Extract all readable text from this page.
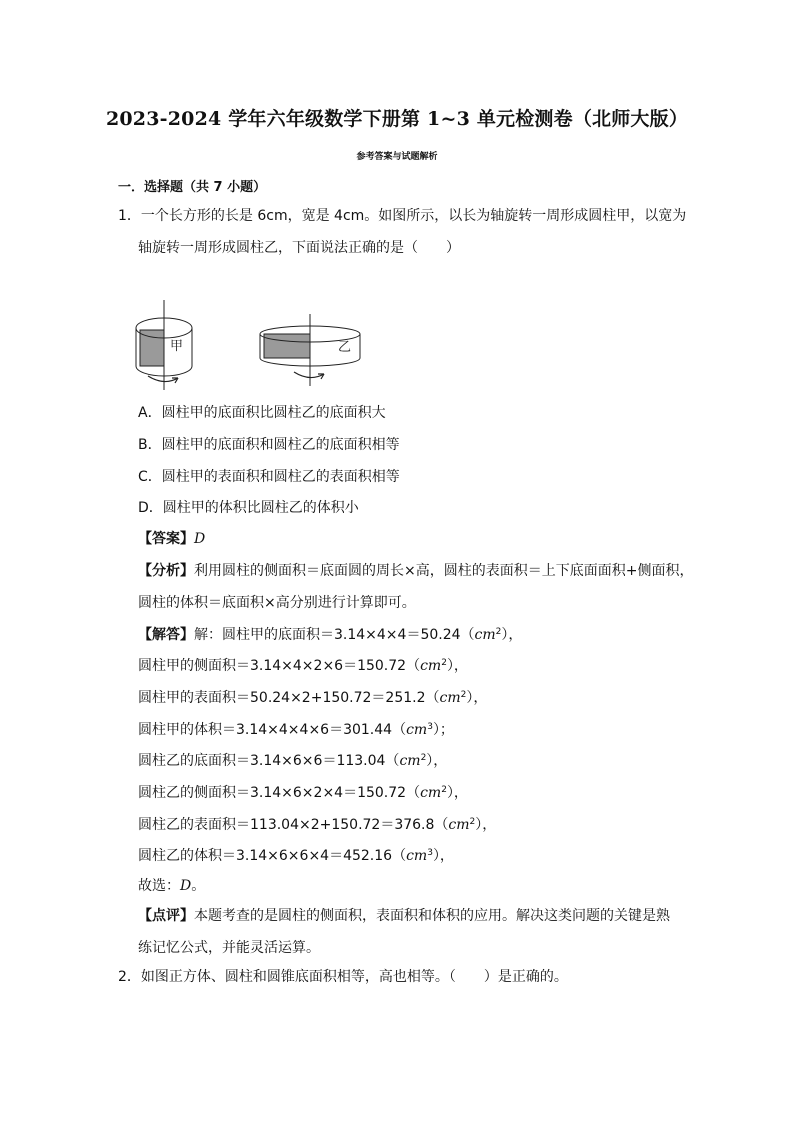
2023-2024 学年六年级数学下册第 1~3 单元检测卷（北师大版）
参考答案与试题解析
一．选择题（共 7 小题）
1．一个长方形的长是 6cm，宽是 4cm。如图所示，以长为轴旋转一周形成圆柱甲，以宽为
轴旋转一周形成圆柱乙，下面说法正确的是（　　）
甲	乙
A．圆柱甲的底面积比圆柱乙的底面积大
B．圆柱甲的底面积和圆柱乙的底面积相等
C．圆柱甲的表面积和圆柱乙的表面积相等
D．圆柱甲的体积比圆柱乙的体积小
【答案】D
【分析】利用圆柱的侧面积＝底面圆的周长×高，圆柱的表面积＝上下底面面积+侧面积，
圆柱的体积＝底面积×高分别进行计算即可。
【解答】解：圆柱甲的底面积$=3.14\times 4\times 4=50.24(cm^2)$，
圆柱甲的侧面积$=3.14\times 4\times 2\times 6=150.72(cm^2)$，
圆柱甲的表面积$=50.24\times 2+150.72=251.2(cm^2)$，
圆柱甲的体积$=3.14\times 4\times 4\times 6=301.44(cm^3)$；
圆柱乙的底面积$=3.14\times 6\times 6=113.04(cm^2)$，
圆柱乙的侧面积$=3.14\times 6\times 2\times 4=150.72(cm^2)$，
圆柱乙的表面积$=113.04\times 2+150.72=376.8(cm^2)$，
圆柱乙的体积$=3.14\times 6\times 6\times 4=452.16(cm^3)$，
故选：D。
【点评】本题考查的是圆柱的侧面积，表面积和体积的应用。解决这类问题的关键是熟
练记忆公式，并能灵活运算。
2．如图正方体、圆柱和圆锥底面积相等，高也相等。（　　）是正确的。
